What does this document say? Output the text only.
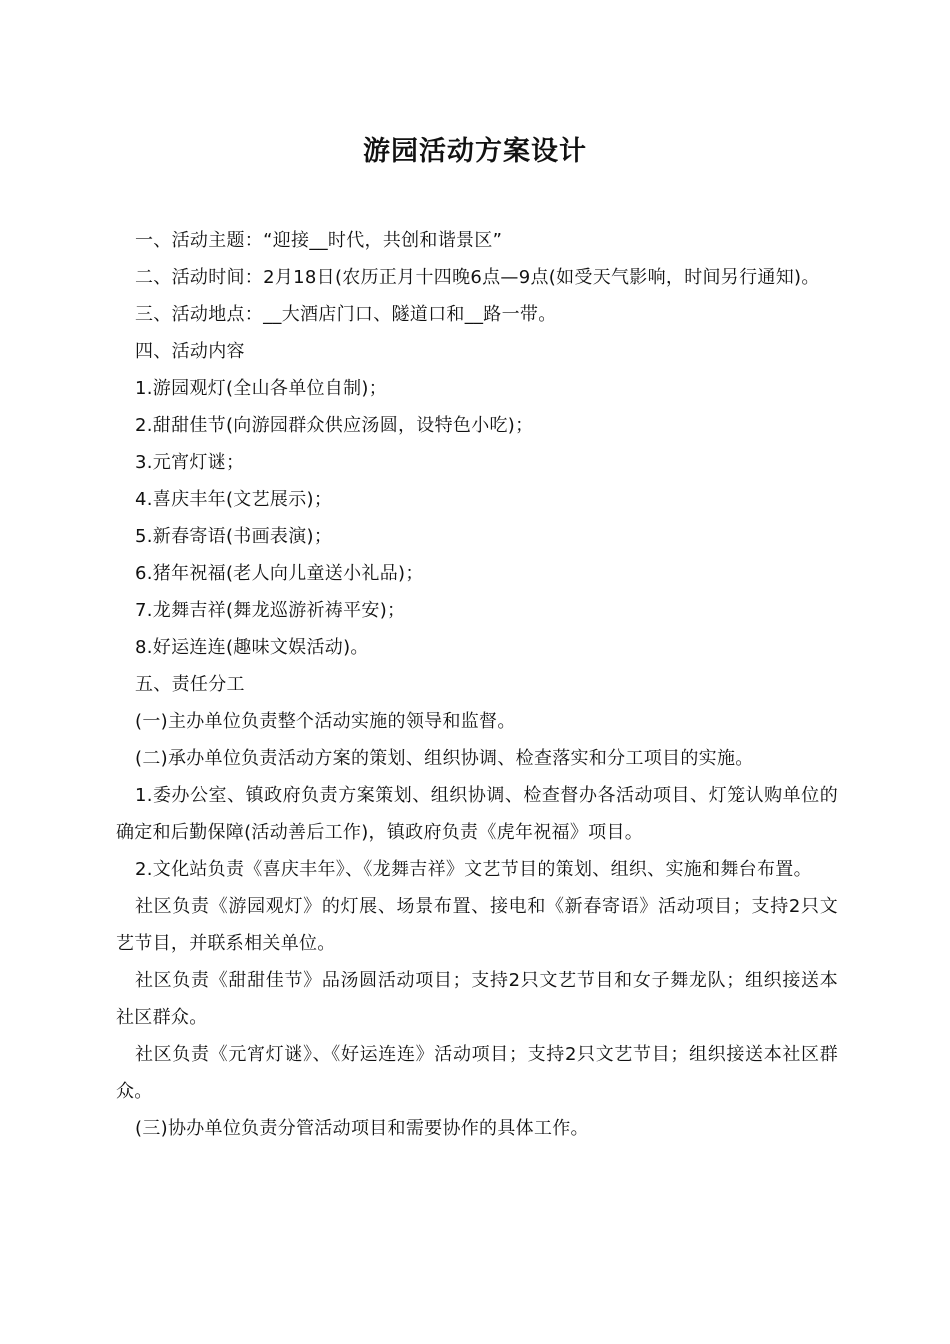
游园活动方案设计

一、活动主题：“迎接__时代，共创和谐景区”

二、活动时间：2月18日(农历正月十四晚6点—9点(如受天气影响，时间另行通知)。

三、活动地点：__大酒店门口、隧道口和__路一带。

四、活动内容

1.游园观灯(全山各单位自制)；

2.甜甜佳节(向游园群众供应汤圆，设特色小吃)；

3.元宵灯谜；

4.喜庆丰年(文艺展示)；

5.新春寄语(书画表演)；

6.猪年祝福(老人向儿童送小礼品)；

7.龙舞吉祥(舞龙巡游祈祷平安)；

8.好运连连(趣味文娱活动)。

五、责任分工

(一)主办单位负责整个活动实施的领导和监督。

(二)承办单位负责活动方案的策划、组织协调、检查落实和分工项目的实施。

1.委办公室、镇政府负责方案策划、组织协调、检查督办各活动项目、灯笼认购单位的确定和后勤保障(活动善后工作)，镇政府负责《虎年祝福》项目。

2.文化站负责《喜庆丰年》、《龙舞吉祥》文艺节目的策划、组织、实施和舞台布置。

社区负责《游园观灯》的灯展、场景布置、接电和《新春寄语》活动项目；支持2只文艺节目，并联系相关单位。

社区负责《甜甜佳节》品汤圆活动项目；支持2只文艺节目和女子舞龙队；组织接送本社区群众。

社区负责《元宵灯谜》、《好运连连》活动项目；支持2只文艺节目；组织接送本社区群众。

(三)协办单位负责分管活动项目和需要协作的具体工作。
